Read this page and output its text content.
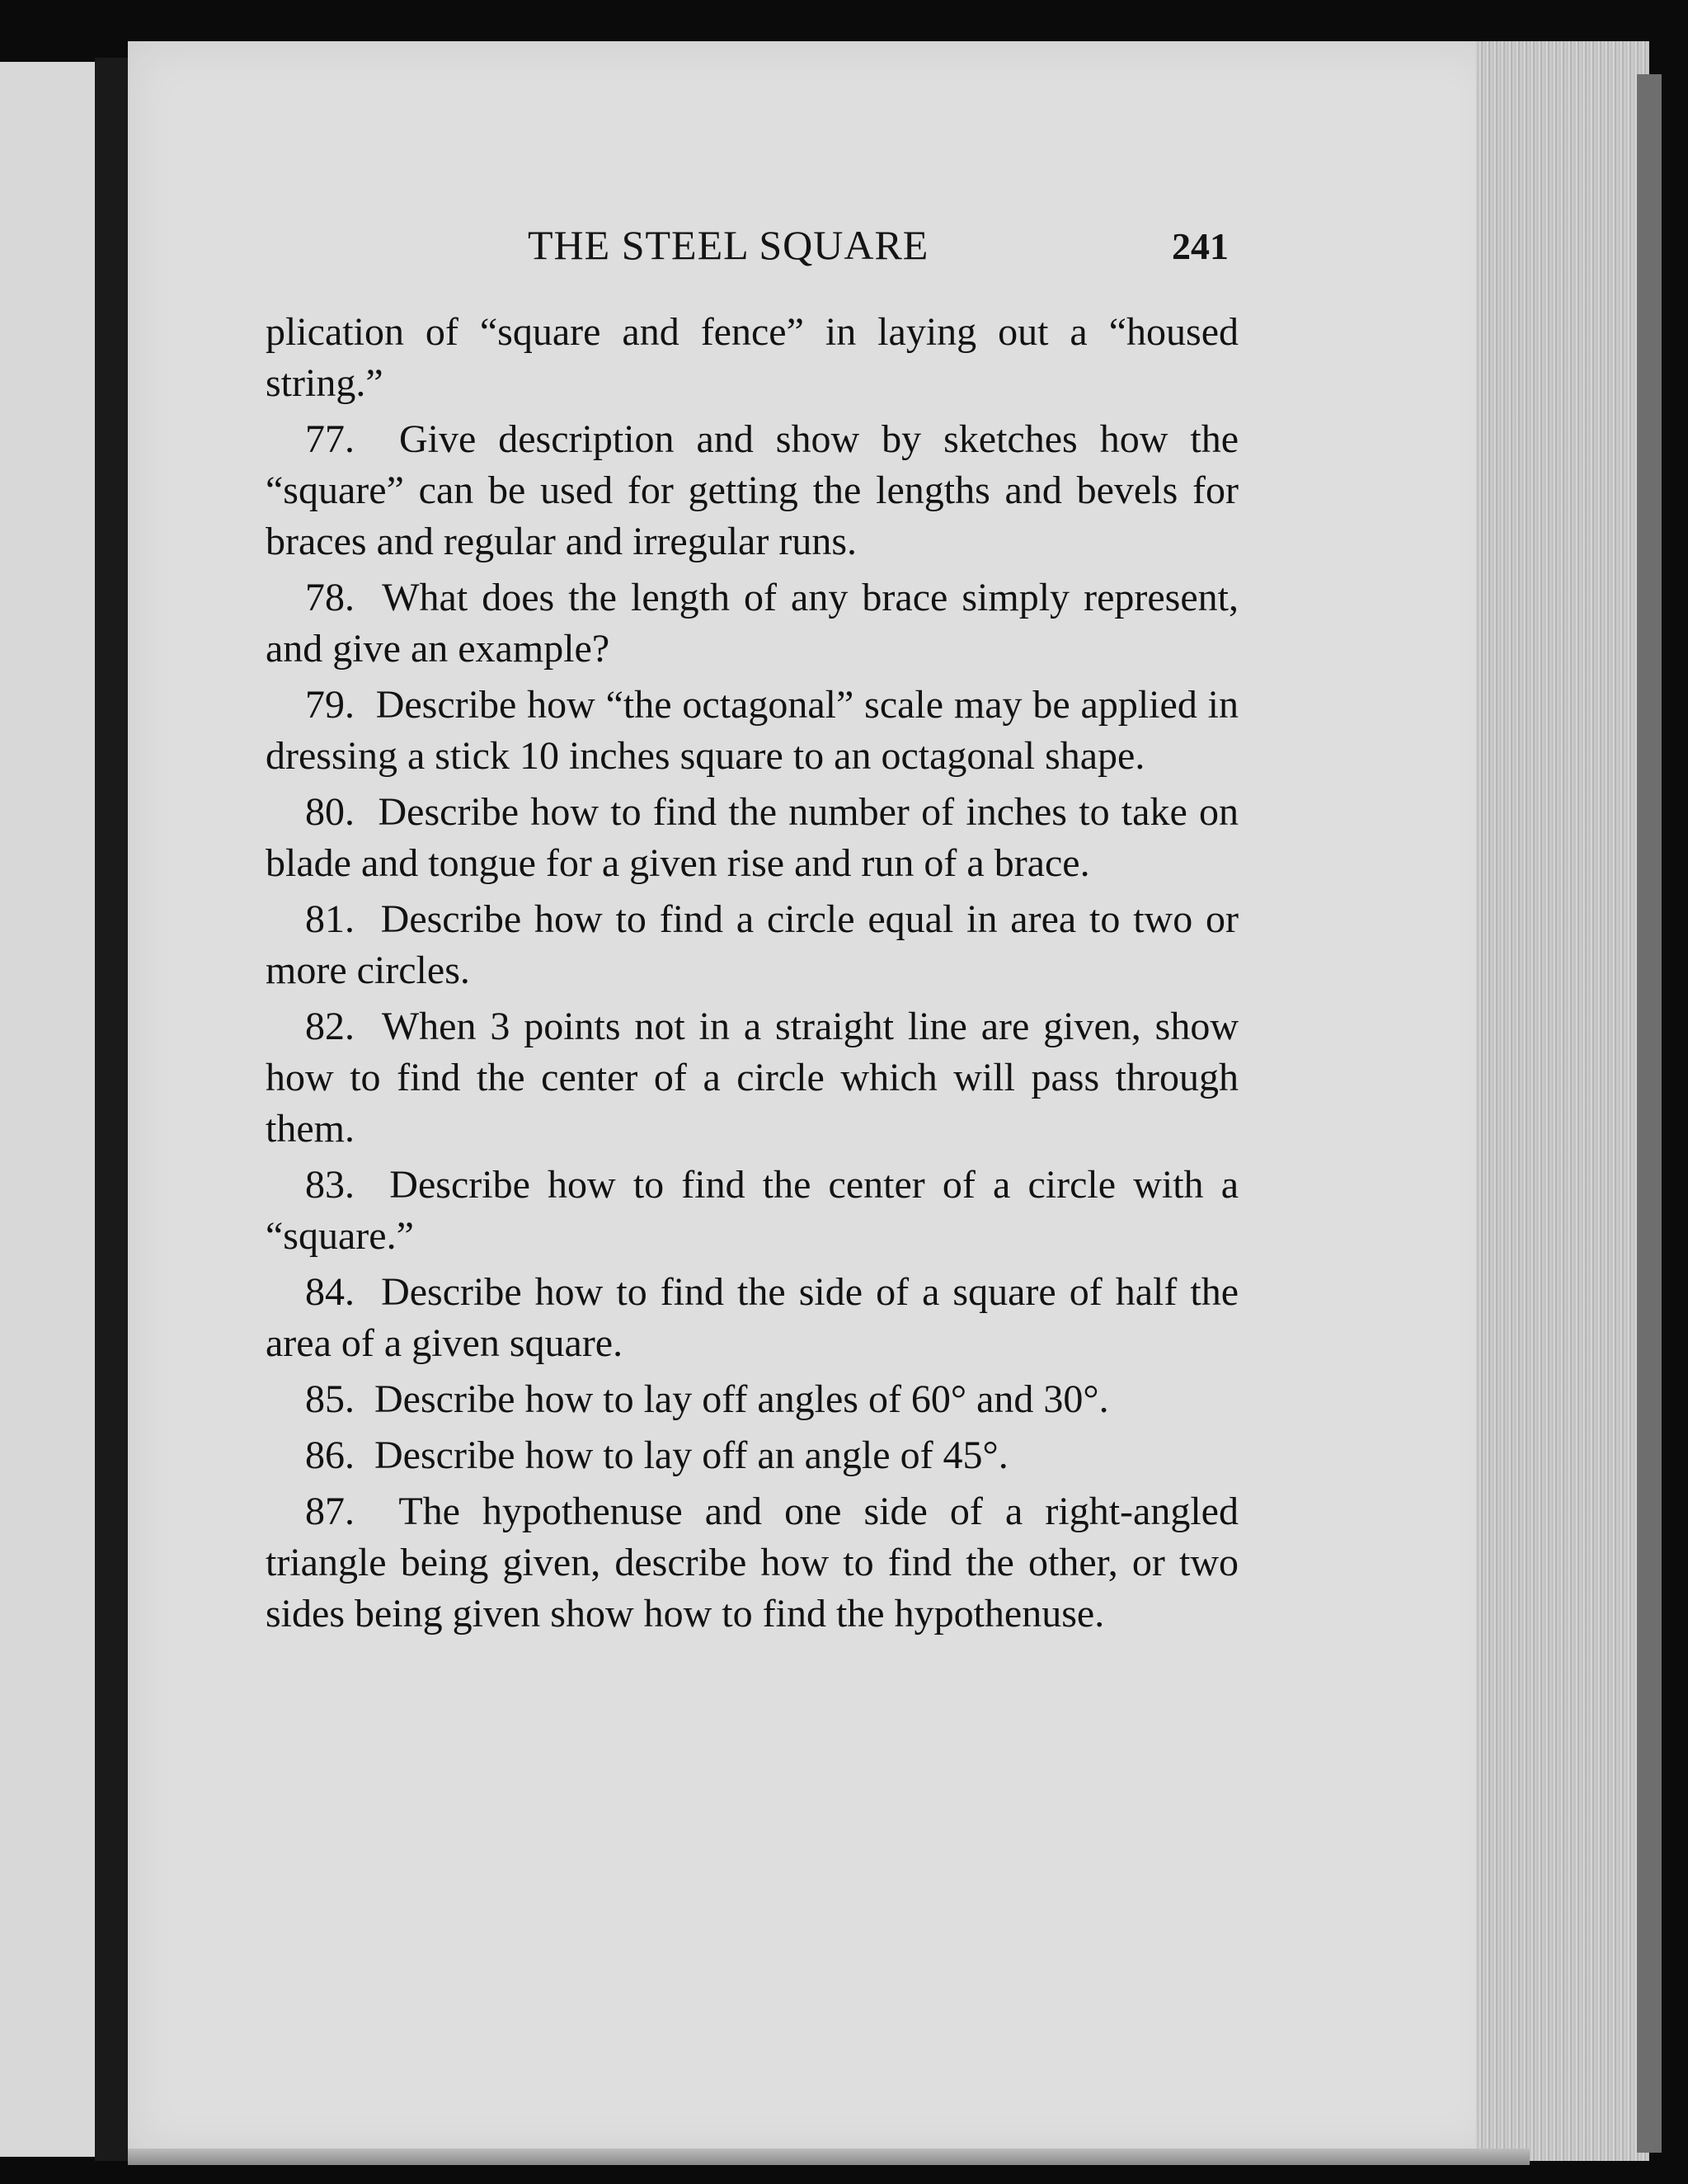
THE STEEL SQUARE	241

plication of “square and fence” in laying out a “housed string.”

77. Give description and show by sketches how the “square” can be used for getting the lengths and bevels for braces and regular and irregular runs.

78. What does the length of any brace simply represent, and give an example?

79. Describe how “the octagonal” scale may be applied in dressing a stick 10 inches square to an octagonal shape.

80. Describe how to find the number of inches to take on blade and tongue for a given rise and run of a brace.

81. Describe how to find a circle equal in area to two or more circles.

82. When 3 points not in a straight line are given, show how to find the center of a circle which will pass through them.

83. Describe how to find the center of a circle with a “square.”

84. Describe how to find the side of a square of half the area of a given square.

85. Describe how to lay off angles of 60° and 30°.

86. Describe how to lay off an angle of 45°.

87. The hypothenuse and one side of a right-angled triangle being given, describe how to find the other, or two sides being given show how to find the hypothenuse.
